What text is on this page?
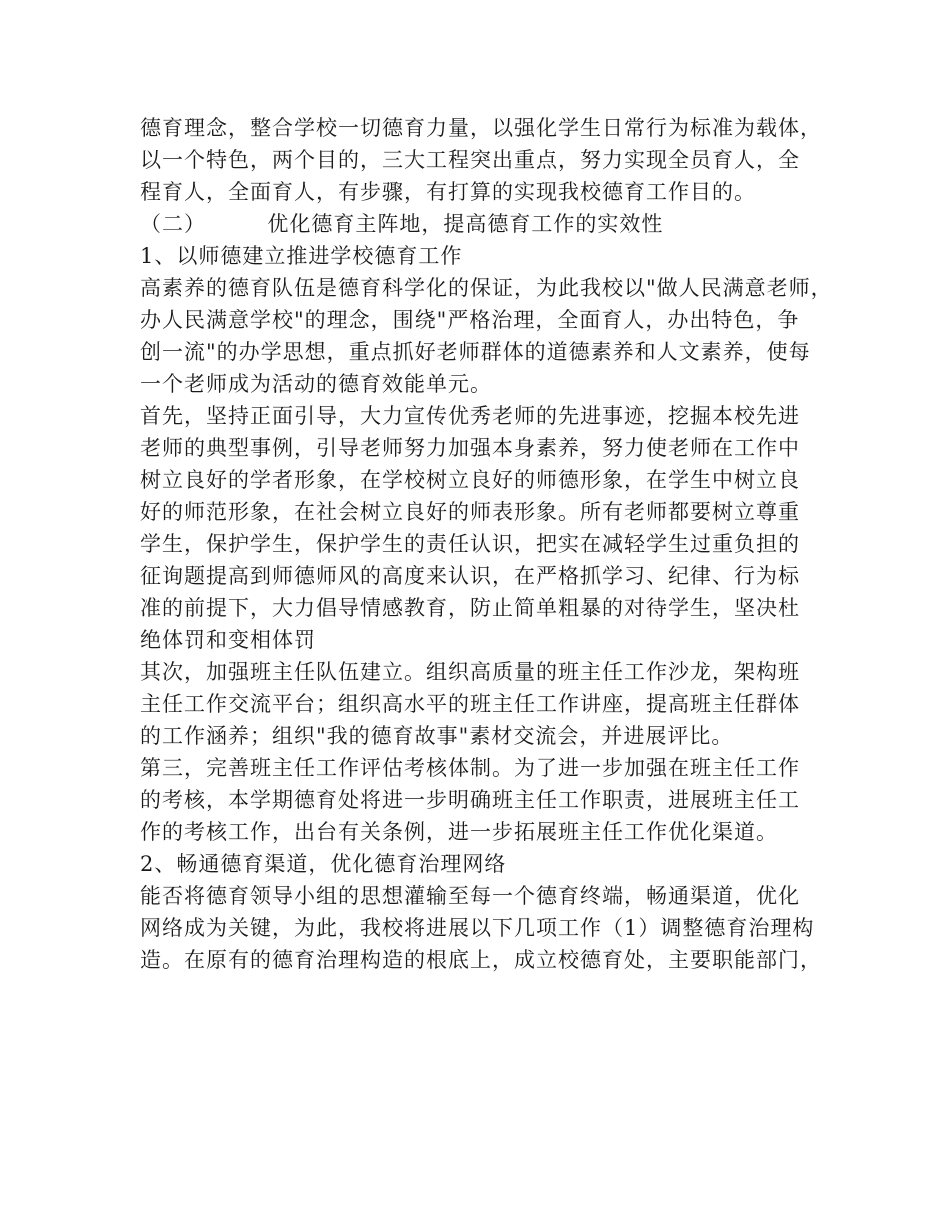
德育理念，整合学校一切德育力量，以强化学生日常行为标准为载体，
以一个特色，两个目的，三大工程突出重点，努力实现全员育人，全
程育人，全面育人，有步骤，有打算的实现我校德育工作目的。
（二）        优化德育主阵地，提高德育工作的实效性
1、以师德建立推进学校德育工作
高素养的德育队伍是德育科学化的保证，为此我校以"做人民满意老师，
办人民满意学校"的理念，围绕"严格治理，全面育人，办出特色，争
创一流"的办学思想，重点抓好老师群体的道德素养和人文素养，使每
一个老师成为活动的德育效能单元。
首先，坚持正面引导，大力宣传优秀老师的先进事迹，挖掘本校先进
老师的典型事例，引导老师努力加强本身素养，努力使老师在工作中
树立良好的学者形象，在学校树立良好的师德形象，在学生中树立良
好的师范形象，在社会树立良好的师表形象。所有老师都要树立尊重
学生，保护学生，保护学生的责任认识，把实在减轻学生过重负担的
征询题提高到师德师风的高度来认识，在严格抓学习、纪律、行为标
准的前提下，大力倡导情感教育，防止简单粗暴的对待学生，坚决杜
绝体罚和变相体罚
其次，加强班主任队伍建立。组织高质量的班主任工作沙龙，架构班
主任工作交流平台；组织高水平的班主任工作讲座，提高班主任群体
的工作涵养；组织"我的德育故事"素材交流会，并进展评比。
第三，完善班主任工作评估考核体制。为了进一步加强在班主任工作
的考核，本学期德育处将进一步明确班主任工作职责，进展班主任工
作的考核工作，出台有关条例，进一步拓展班主任工作优化渠道。
2、畅通德育渠道，优化德育治理网络
能否将德育领导小组的思想灌输至每一个德育终端，畅通渠道，优化
网络成为关键，为此，我校将进展以下几项工作（1）调整德育治理构
造。在原有的德育治理构造的根底上，成立校德育处，主要职能部门，
